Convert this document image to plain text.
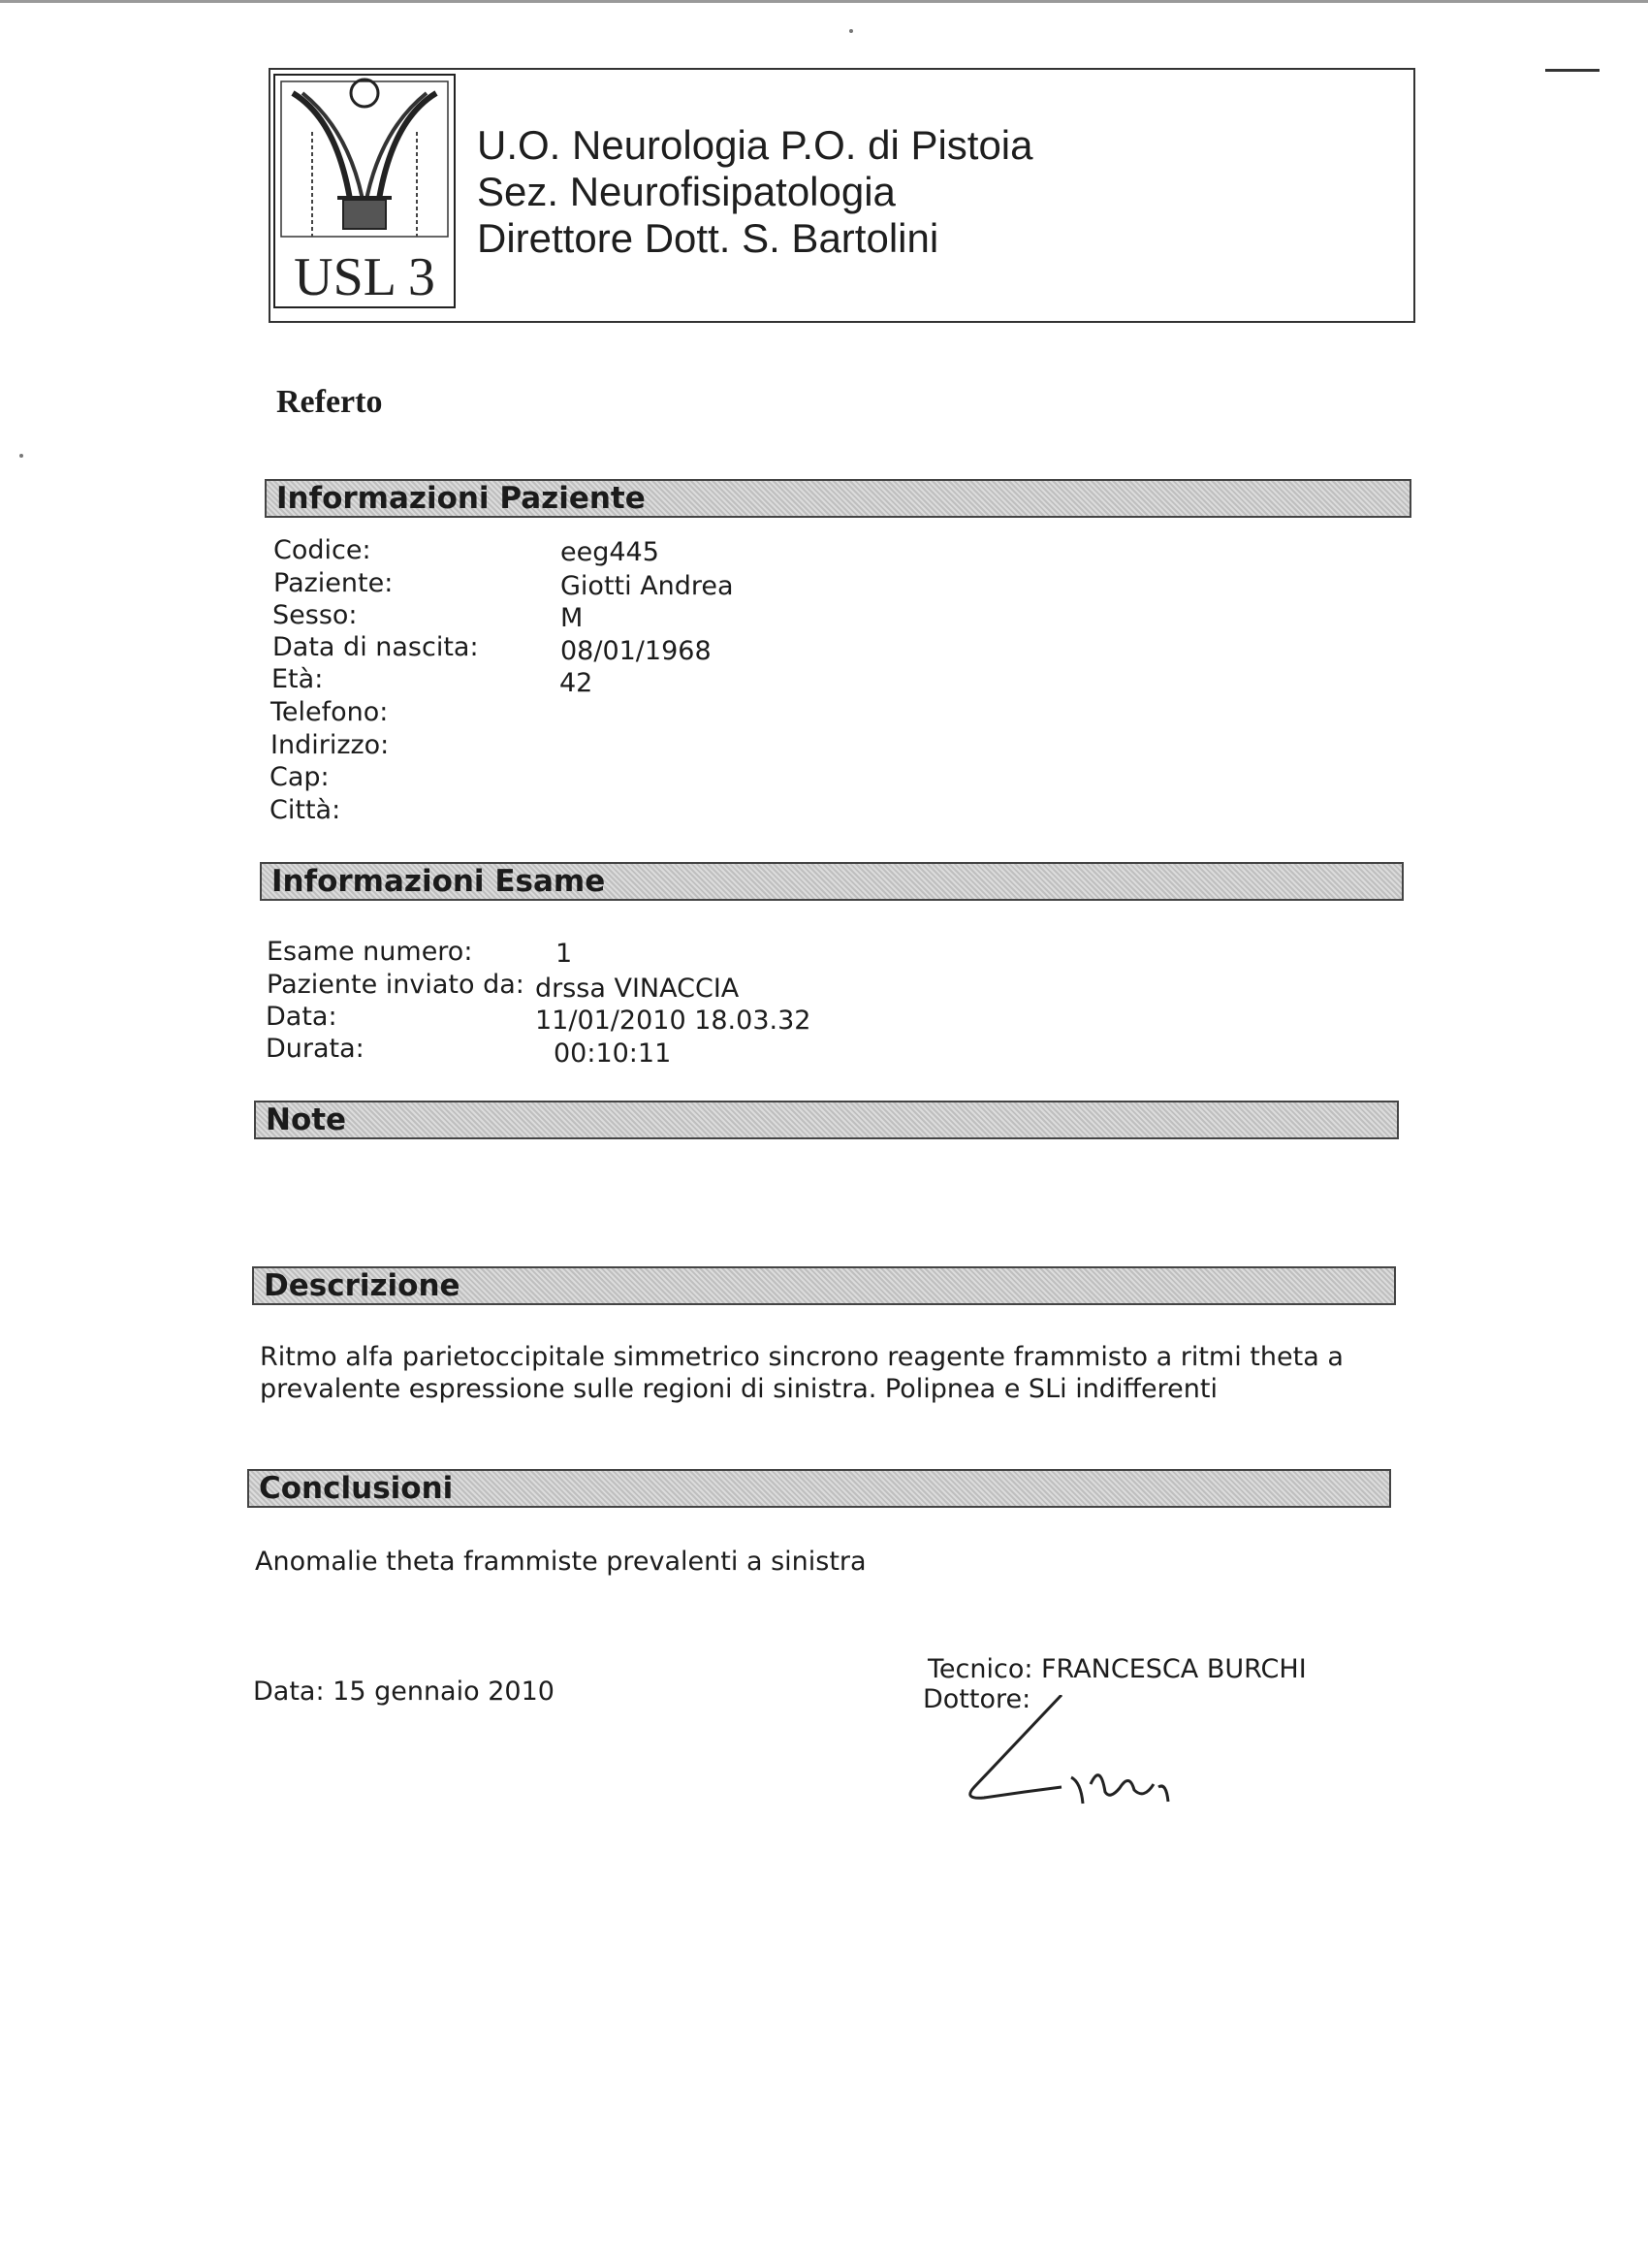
USL 3
U.O. Neurologia P.O. di Pistoia
Sez. Neurofisipatologia
Direttore Dott. S. Bartolini
Referto
Informazioni Paziente
Codice:	eeg445
Paziente:	Giotti Andrea
Sesso:	M
Data di nascita:	08/01/1968
Età:	42
Telefono:
Indirizzo:
Cap:
Città:
Informazioni Esame
Esame numero:	1
Paziente inviato da: drssa VINACCIA
Data:	11/01/2010 18.03.32
Durata:	00:10:11
Note
Descrizione
Ritmo alfa parietoccipitale simmetrico sincrono reagente frammisto a ritmi theta a
prevalente espressione sulle regioni di sinistra. Polipnea e SLi indifferenti
Conclusioni
Anomalie theta frammiste prevalenti a sinistra
Data: 15 gennaio 2010
Tecnico: FRANCESCA BURCHI
Dottore:
